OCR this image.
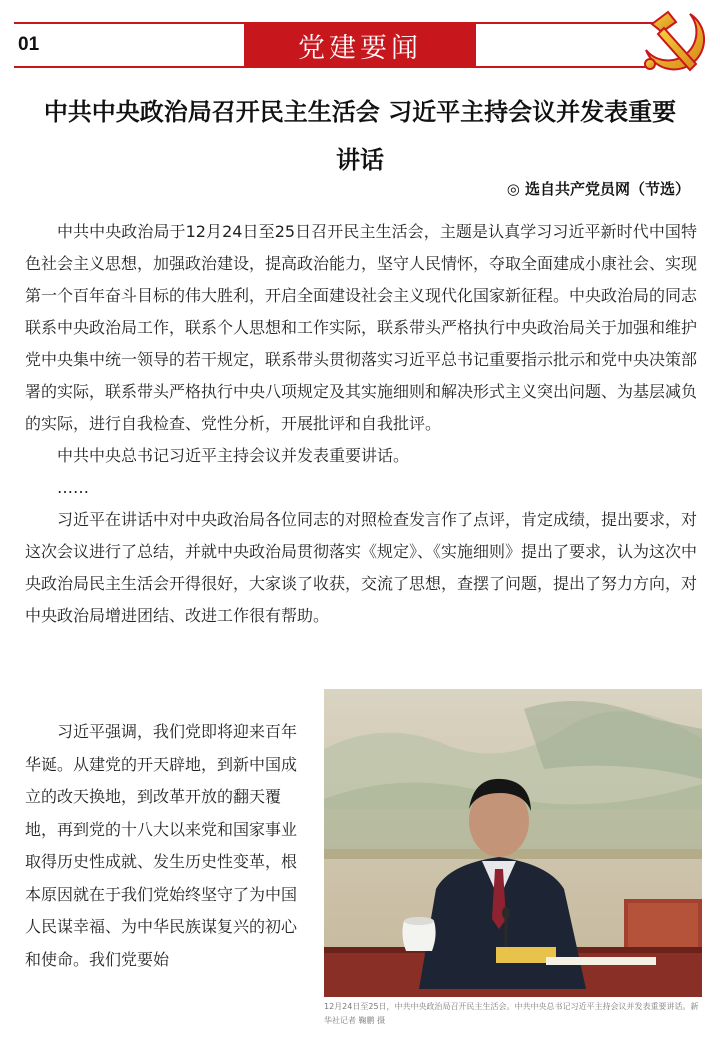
01	党建要闻
中共中央政治局召开民主生活会 习近平主持会议并发表重要讲话
◎ 选自共产党员网（节选）

中共中央政治局于12月24日至25日召开民主生活会，主题是认真学习习近平新时代中国特色社会主义思想，加强政治建设，提高政治能力，坚守人民情怀，夺取全面建成小康社会、实现第一个百年奋斗目标的伟大胜利，开启全面建设社会主义现代化国家新征程。中央政治局的同志联系中央政治局工作，联系个人思想和工作实际，联系带头严格执行中央政治局关于加强和维护党中央集中统一领导的若干规定，联系带头贯彻落实习近平总书记重要指示批示和党中央决策部署的实际，联系带头严格执行中央八项规定及其实施细则和解决形式主义突出问题、为基层减负的实际，进行自我检查、党性分析，开展批评和自我批评。

中共中央总书记习近平主持会议并发表重要讲话。

……

习近平在讲话中对中央政治局各位同志的对照检查发言作了点评，肯定成绩，提出要求，对这次会议进行了总结，并就中央政治局贯彻落实《规定》、《实施细则》提出了要求，认为这次中央政治局民主生活会开得很好，大家谈了收获，交流了思想，查摆了问题，提出了努力方向，对中央政治局增进团结、改进工作很有帮助。

习近平强调，我们党即将迎来百年华诞。从建党的开天辟地，到新中国成立的改天换地，到改革开放的翻天覆地，再到党的十八大以来党和国家事业取得历史性成就、发生历史性变革，根本原因就在于我们党始终坚守了为中国人民谋幸福、为中华民族谋复兴的初心和使命。我们党要始

12月24日至25日，中共中央政治局召开民主生活会。中共中央总书记习近平主持会议并发表重要讲话。新华社记者 鞠鹏 摄
